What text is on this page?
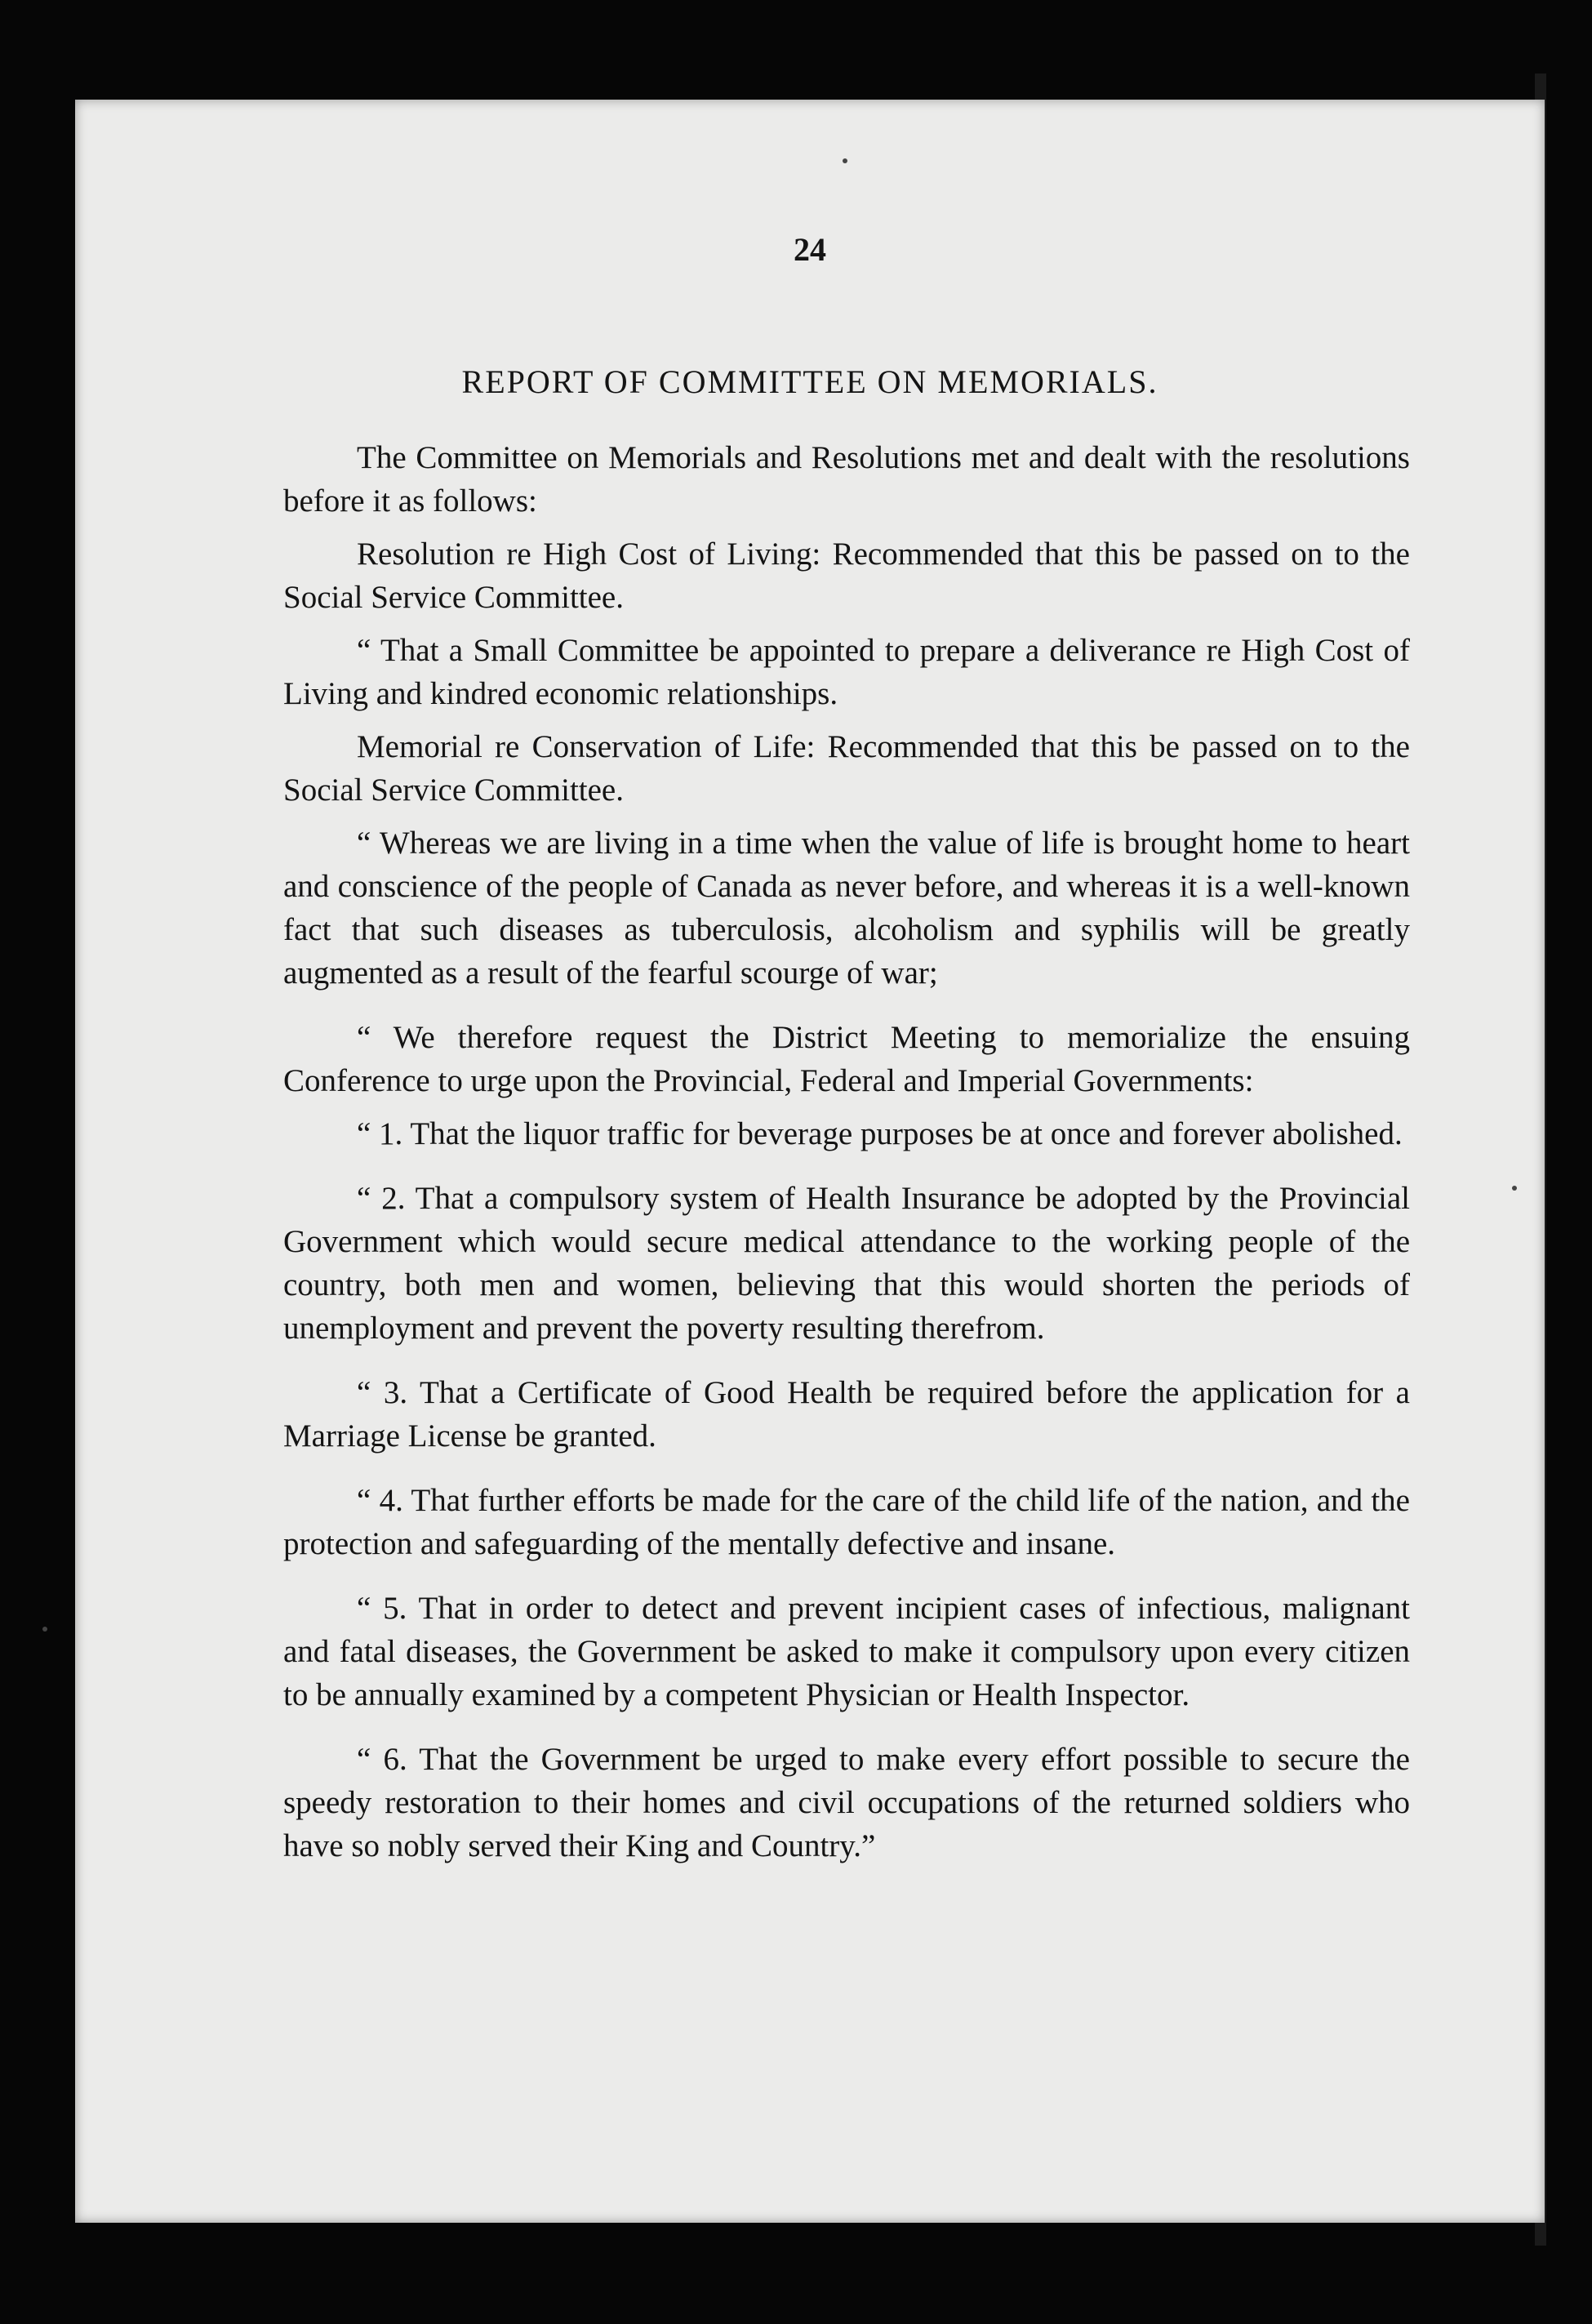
24
REPORT OF COMMITTEE ON MEMORIALS.

The Committee on Memorials and Resolutions met and dealt with the resolutions before it as follows:

Resolution re High Cost of Living: Recommended that this be passed on to the Social Service Committee.

“ That a Small Committee be appointed to prepare a deliverance re High Cost of Living and kindred economic relationships.

Memorial re Conservation of Life: Recommended that this be passed on to the Social Service Committee.

“ Whereas we are living in a time when the value of life is brought home to heart and conscience of the people of Canada as never before, and whereas it is a well-known fact that such diseases as tuberculosis, alcoholism and syphilis will be greatly augmented as a result of the fearful scourge of war;

“ We therefore request the District Meeting to memorialize the ensuing Conference to urge upon the Provincial, Federal and Imperial Governments:

“ 1. That the liquor traffic for beverage purposes be at once and forever abolished.

“ 2. That a compulsory system of Health Insurance be adopted by the Provincial Government which would secure medical attendance to the working people of the country, both men and women, believing that this would shorten the periods of unemployment and prevent the poverty resulting therefrom.

“ 3. That a Certificate of Good Health be required before the application for a Marriage License be granted.

“ 4. That further efforts be made for the care of the child life of the nation, and the protection and safeguarding of the mentally defective and insane.

“ 5. That in order to detect and prevent incipient cases of infectious, malignant and fatal diseases, the Government be asked to make it compulsory upon every citizen to be annually examined by a competent Physician or Health Inspector.

“ 6. That the Government be urged to make every effort possible to secure the speedy restoration to their homes and civil occupations of the returned soldiers who have so nobly served their King and Country.”
